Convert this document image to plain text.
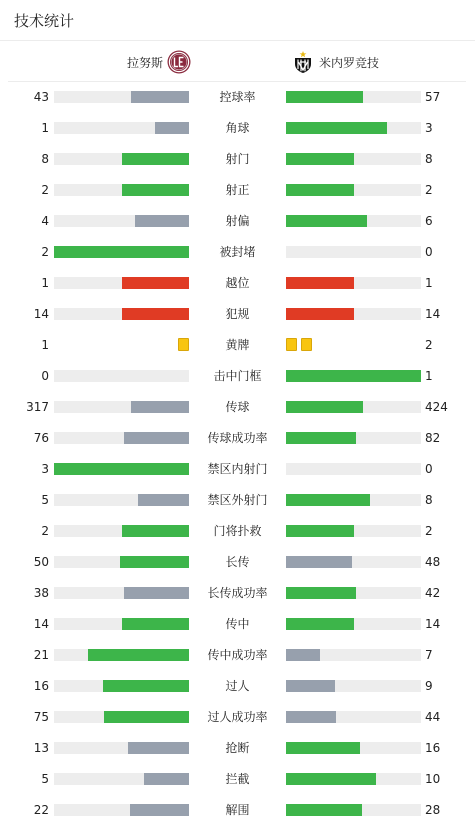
技术统计
拉努斯	米内罗竞技
43	控球率	57
1	角球	3
8	射门	8
2	射正	2
4	射偏	6
2	被封堵	0
1	越位	1
14	犯规	14
1	黄牌	2
0	击中门框	1
317	传球	424
76	传球成功率	82
3	禁区内射门	0
5	禁区外射门	8
2	门将扑救	2
50	长传	48
38	长传成功率	42
14	传中	14
21	传中成功率	7
16	过人	9
75	过人成功率	44
13	抢断	16
5	拦截	10
22	解围	28
